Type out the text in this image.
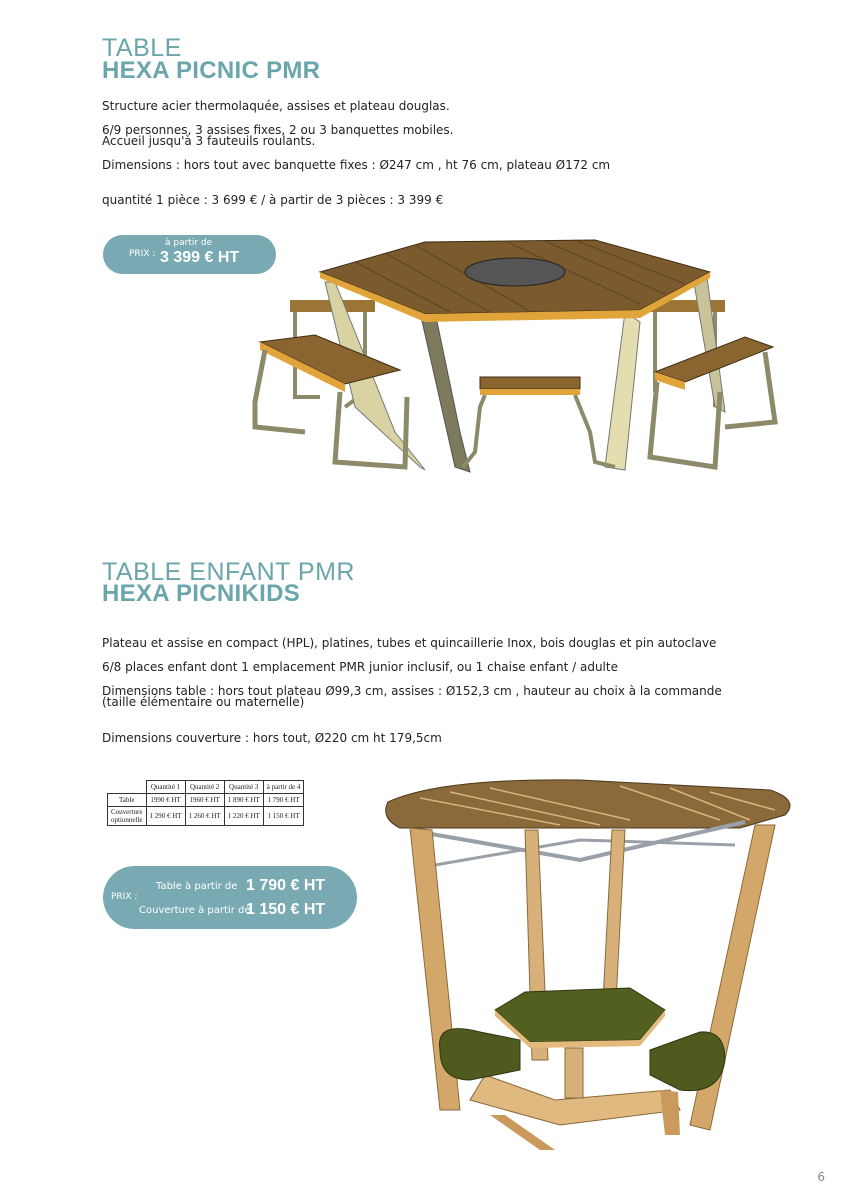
TABLE
HEXA PICNIC PMR
Structure acier thermolaquée, assises et plateau douglas.
6/9 personnes, 3 assises fixes, 2 ou 3 banquettes mobiles.
Accueil jusqu'à 3 fauteuils roulants.
Dimensions : hors tout avec banquette fixes : Ø247 cm , ht 76 cm, plateau Ø172 cm
quantité 1 pièce : 3 699 € / à partir de 3 pièces : 3 399 €
PRIX :
à partir de
3 399 € HT
TABLE ENFANT PMR
HEXA PICNIKIDS
Plateau et assise en compact (HPL), platines, tubes et quincaillerie Inox, bois douglas et pin autoclave
6/8 places enfant dont 1 emplacement PMR junior inclusif, ou 1 chaise enfant / adulte
Dimensions table : hors tout plateau Ø99,3 cm, assises : Ø152,3 cm , hauteur au choix à la commande
(taille élémentaire ou maternelle)
Dimensions couverture : hors tout, Ø220 cm ht 179,5cm
	Quantité 1	Quantité 2	Quantité 3	à partir de 4
Table	1990 € HT	1960 € HT	1 890 € HT	1 790 € HT
Couverture
optionnelle	1 290 € HT	1 260 € HT	1 220 € HT	1 150 € HT
PRIX :
Table à partir de 1 790 € HT
Couverture à partir de
1 150 € HT
6
